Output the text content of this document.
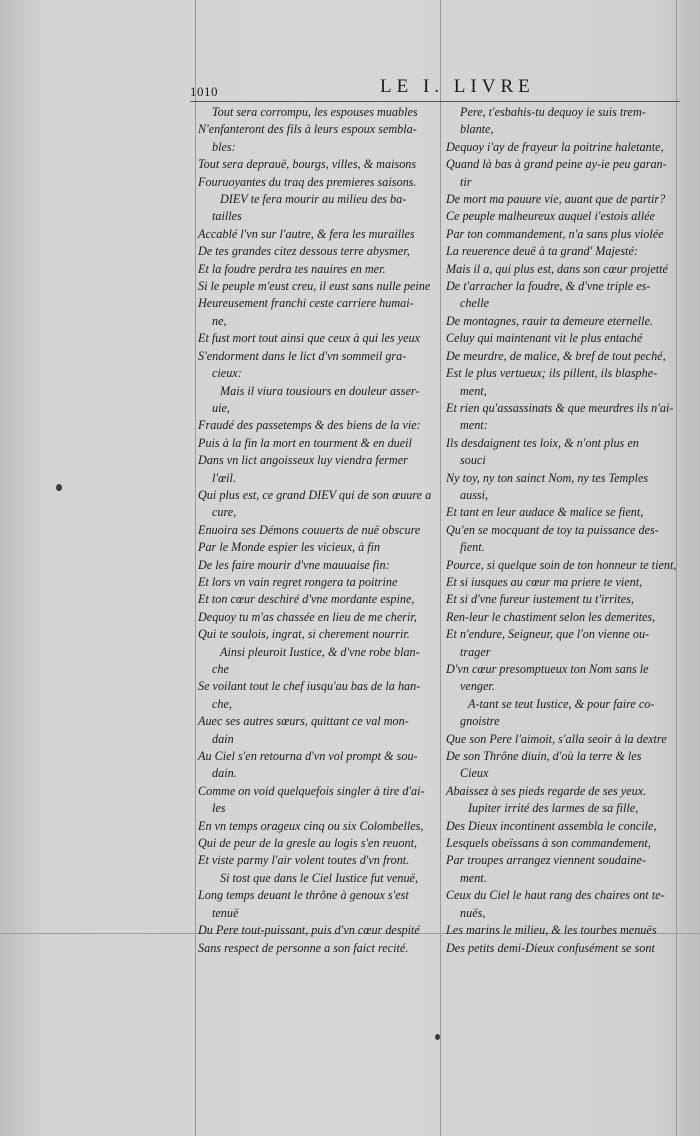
1010	LE I. LIVRE
Tout sera corrompu, les espouses muables
N'enfanteront des fils à leurs espoux sembla-
bles:
Tout sera deprauë, bourgs, villes, & maisons
Fouruoyantes du traq des premieres saisons.
DIEV te fera mourir au milieu des ba-
tailles
Accablé l'vn sur l'autre, & fera les murailles
De tes grandes citez dessous terre abysmer,
Et la foudre perdra tes nauires en mer.
Si le peuple m'eust creu, il eust sans nulle peine
Heureusement franchi ceste carriere humai-
ne,
Et fust mort tout ainsi que ceux à qui les yeux
S'endorment dans le lict d'vn sommeil gra-
cieux:
Mais il viura tousiours en douleur asser-
uie,
Fraudé des passetemps & des biens de la vie:
Puis à la fin la mort en tourment & en dueil
Dans vn lict angoisseux luy viendra fermer
l'œil.
Qui plus est, ce grand DIEV qui de son œuure a
cure,
Enuoira ses Démons couuerts de nuë obscure
Par le Monde espier les vicieux, à fin
De les faire mourir d'vne mauuaise fin:
Et lors vn vain regret rongera ta poitrine
Et ton cœur deschiré d'vne mordante espine,
Dequoy tu m'as chassée en lieu de me cherir,
Qui te soulois, ingrat, si cherement nourrir.
Ainsi pleuroit Iustice, & d'vne robe blan-
che
Se voilant tout le chef iusqu'au bas de la han-
che,
Auec ses autres sœurs, quittant ce val mon-
dain
Au Ciel s'en retourna d'vn vol prompt & sou-
dain.
Comme on void quelquefois singler à tire d'ai-
les
En vn temps orageux cinq ou six Colombelles,
Qui de peur de la gresle au logis s'en reuont,
Et viste parmy l'air volent toutes d'vn front.
Si tost que dans le Ciel Iustice fut venuë,
Long temps deuant le thrône à genoux s'est
tenuë
Du Pere tout-puissant, puis d'vn cœur despité
Sans respect de personne a son faict recité.
Pere, t'esbahis-tu dequoy ie suis trem-
blante,
Dequoy i'ay de frayeur la poitrine haletante,
Quand là bas à grand peine ay-ie peu garan-
tir
De mort ma pauure vie, auant que de partir?
Ce peuple malheureux auquel i'estois allée
Par ton commandement, n'a sans plus violée
La reuerence deuë à ta grand' Majesté:
Mais il a, qui plus est, dans son cœur projetté
De t'arracher la foudre, & d'vne triple es-
chelle
De montagnes, rauir ta demeure eternelle.
Celuy qui maintenant vit le plus entaché
De meurdre, de malice, & bref de tout peché,
Est le plus vertueux; ils pillent, ils blasphe-
ment,
Et rien qu'assassinats & que meurdres ils n'ai-
ment:
Ils desdaignent tes loix, & n'ont plus en
souci
Ny toy, ny ton sainct Nom, ny tes Temples
aussi,
Et tant en leur audace & malice se fient,
Qu'en se mocquant de toy ta puissance des-
fient.
Pource, si quelque soin de ton honneur te tient,
Et si iusques au cœur ma priere te vient,
Et si d'vne fureur iustement tu t'irrites,
Ren-leur le chastiment selon les demerites,
Et n'endure, Seigneur, que l'on vienne ou-
trager
D'vn cœur presomptueux ton Nom sans le
venger.
A-tant se teut Iustice, & pour faire co-
gnoistre
Que son Pere l'aimoit, s'alla seoir à la dextre
De son Thrône diuin, d'où la terre & les
Cieux
Abaissez à ses pieds regarde de ses yeux.
Iupiter irrité des larmes de sa fille,
Des Dieux incontinent assembla le concile,
Lesquels obeïssans à son commandement,
Par troupes arrangez viennent soudaine-
ment.
Ceux du Ciel le haut rang des chaires ont te-
nuës,
Les marins le milieu, & les tourbes menuës
Des petits demi-Dieux confusément se sont
